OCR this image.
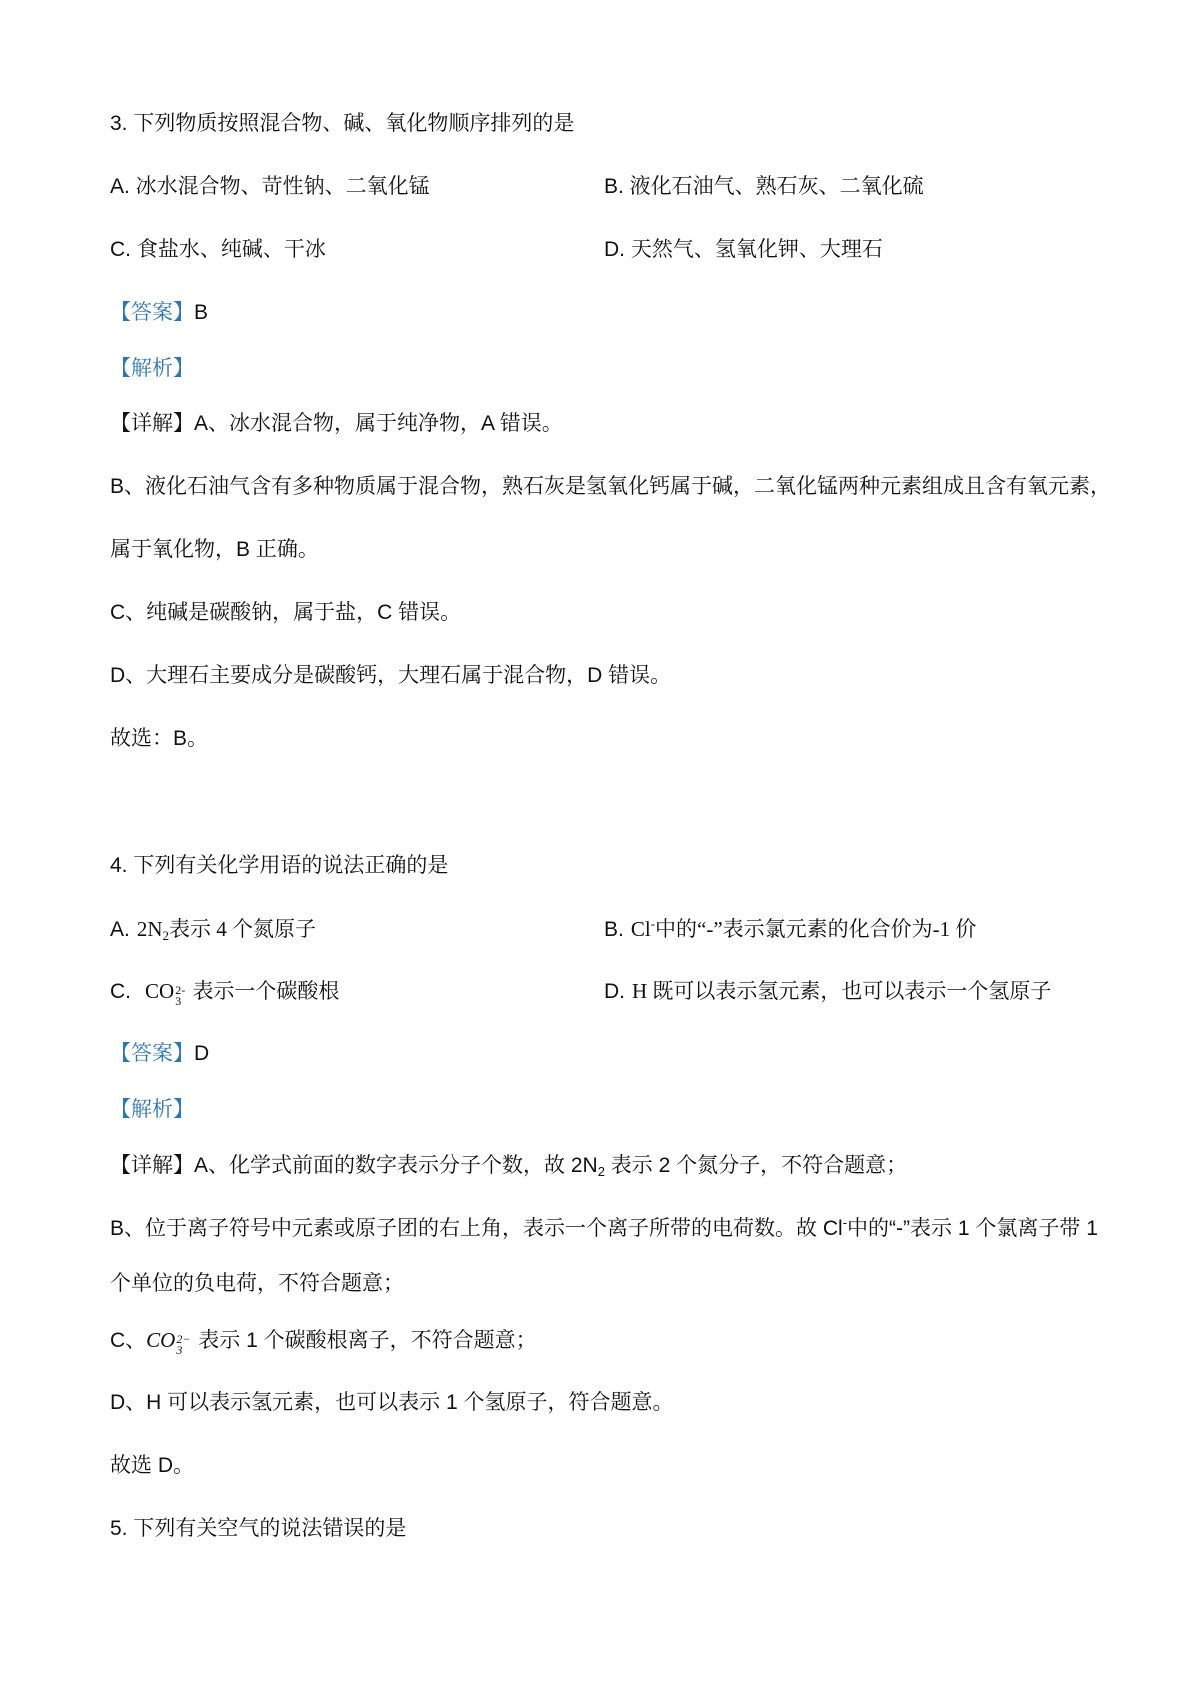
3. 下列物质按照混合物、碱、氧化物顺序排列的是
A. 冰水混合物、苛性钠、二氧化锰	B. 液化石油气、熟石灰、二氧化硫
C. 食盐水、纯碱、干冰	D. 天然气、氢氧化钾、大理石
【答案】B
【解析】
【详解】A、冰水混合物，属于纯净物，A 错误。
B、液化石油气含有多种物质属于混合物，熟石灰是氢氧化钙属于碱，二氧化锰两种元素组成且含有氧元素，
属于氧化物，B 正确。
C、纯碱是碳酸钠，属于盐，C 错误。
D、大理石主要成分是碳酸钙，大理石属于混合物，D 错误。
故选：B。
4. 下列有关化学用语的说法正确的是
A. $2N_2$表示 4 个氮原子	B. Cl-中的“-”表示氯元素的化合价为-1 价
C. CO 2-
3 表示一个碳酸根	D. H 既可以表示氢元素，也可以表示一个氢原子
【答案】D
【解析】
【详解】A、化学式前面的数字表示分子个数，故 $2N_2$ 表示 2 个氮分子，不符合题意；
B、位于离子符号中元素或原子团的右上角，表示一个离子所带的电荷数。故 Cl-中的“-”表示 1 个氯离子带 1
个单位的负电荷，不符合题意；
C、CO 2−
3 表示 1 个碳酸根离子，不符合题意；
D、H 可以表示氢元素，也可以表示 1 个氢原子，符合题意。
故选 D。
5. 下列有关空气的说法错误的是
